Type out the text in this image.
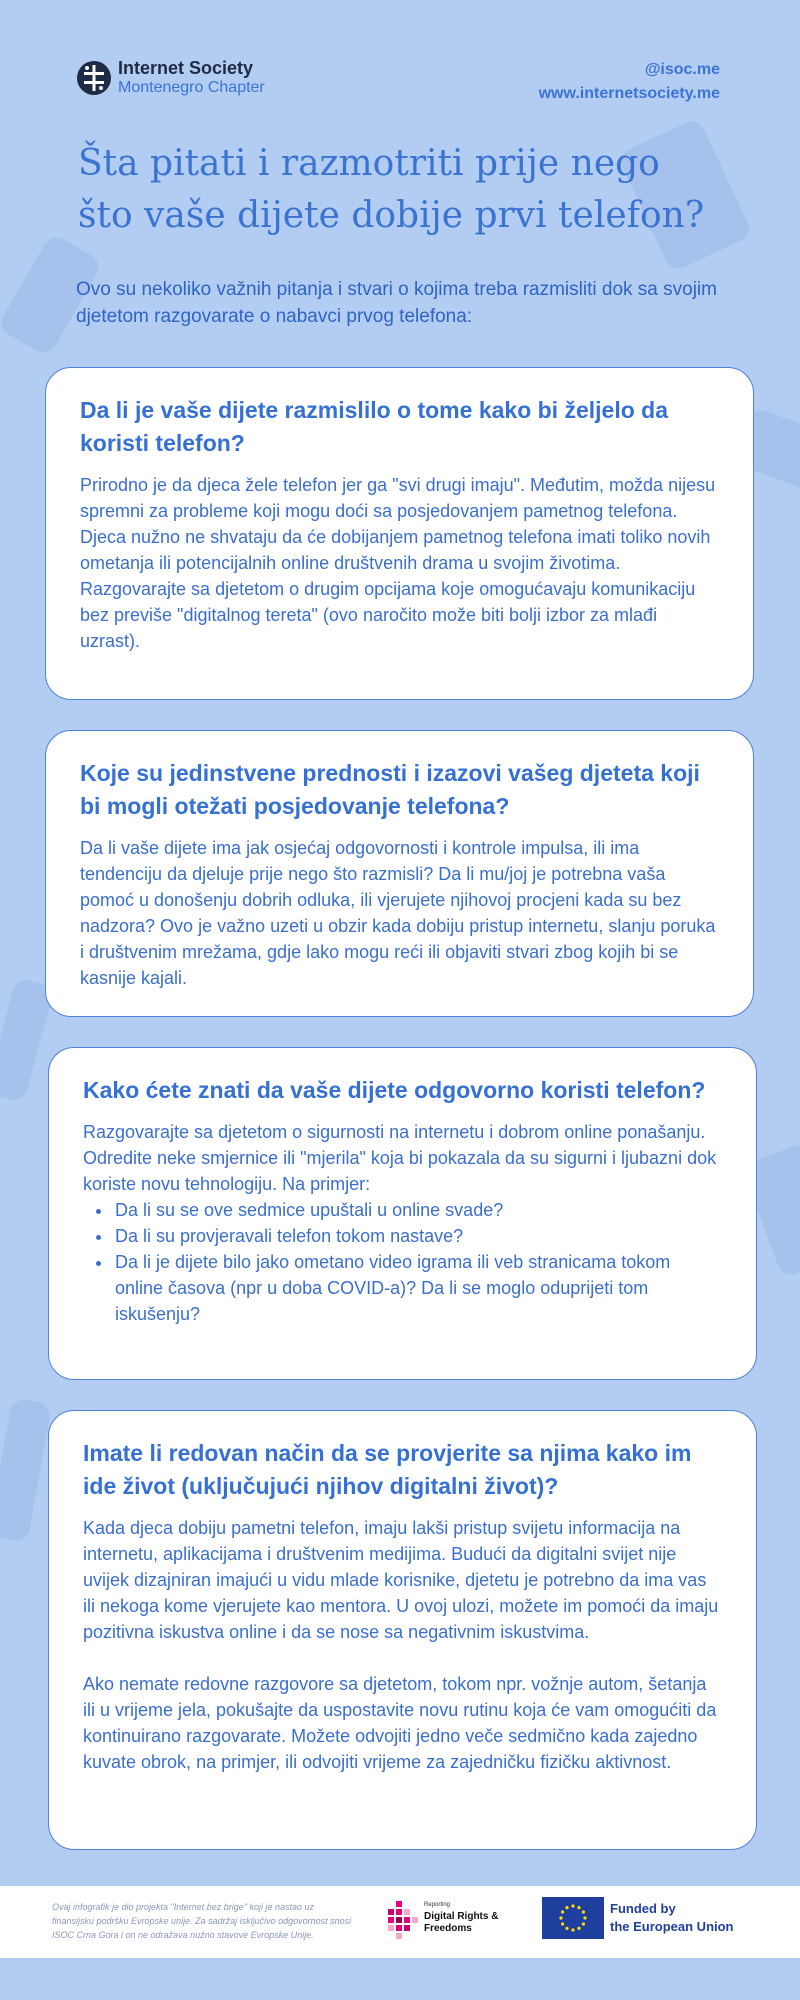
Internet Society
Montenegro Chapter
@isoc.me
www.internetsociety.me
Šta pitati i razmotriti prije nego
što vaše dijete dobije prvi telefon?

Ovo su nekoliko važnih pitanja i stvari o kojima treba razmisliti dok sa svojim djetetom razgovarate o nabavci prvog telefona:

Da li je vaše dijete razmislilo o tome kako bi željelo da koristi telefon?

Prirodno je da djeca žele telefon jer ga "svi drugi imaju". Međutim, možda nijesu spremni za probleme koji mogu doći sa posjedovanjem pametnog telefona. Djeca nužno ne shvataju da će dobijanjem pametnog telefona imati toliko novih ometanja ili potencijalnih online društvenih drama u svojim životima. Razgovarajte sa djetetom o drugim opcijama koje omogućavaju komunikaciju bez previše "digitalnog tereta" (ovo naročito može biti bolji izbor za mlađi uzrast).

Koje su jedinstvene prednosti i izazovi vašeg djeteta koji bi mogli otežati posjedovanje telefona?

Da li vaše dijete ima jak osjećaj odgovornosti i kontrole impulsa, ili ima tendenciju da djeluje prije nego što razmisli? Da li mu/joj je potrebna vaša pomoć u donošenju dobrih odluka, ili vjerujete njihovoj procjeni kada su bez nadzora? Ovo je važno uzeti u obzir kada dobiju pristup internetu, slanju poruka i društvenim mrežama, gdje lako mogu reći ili objaviti stvari zbog kojih bi se kasnije kajali.

Kako ćete znati da vaše dijete odgovorno koristi telefon?

Razgovarajte sa djetetom o sigurnosti na internetu i dobrom online ponašanju. Odredite neke smjernice ili "mjerila" koja bi pokazala da su sigurni i ljubazni dok koriste novu tehnologiju. Na primjer:

• Da li su se ove sedmice upuštali u online svade?
• Da li su provjeravali telefon tokom nastave?
• Da li je dijete bilo jako ometano video igrama ili veb stranicama tokom online časova (npr u doba COVID-a)? Da li se moglo oduprijeti tom iskušenju?
Imate li redovan način da se provjerite sa njima kako im ide život (uključujući njihov digitalni život)?

Kada djeca dobiju pametni telefon, imaju lakši pristup svijetu informacija na internetu, aplikacijama i društvenim medijima. Budući da digitalni svijet nije uvijek dizajniran imajući u vidu mlade korisnike, djetetu je potrebno da ima vas ili nekoga kome vjerujete kao mentora. U ovoj ulozi, možete im pomoći da imaju pozitivna iskustva online i da se nose sa negativnim iskustvima.

Ako nemate redovne razgovore sa djetetom, tokom npr. vožnje autom, šetanja ili u vrijeme jela, pokušajte da uspostavite novu rutinu koja će vam omogućiti da kontinuirano razgovarate. Možete odvojiti jedno veče sedmično kada zajedno kuvate obrok, na primjer, ili odvojiti vrijeme za zajedničku fizičku aktivnost.

Ovaj infografik je dio projekta "Internet bez brige" koji je nastao uz finansijsku podršku Evropske unije. Za sadržaj isključivo odgovornost snosi ISOC Crna Gora i on ne odražava nužno stavove Evropske Unije.
Reporting
Digital Rights & Freedoms
Funded by
the European Union
